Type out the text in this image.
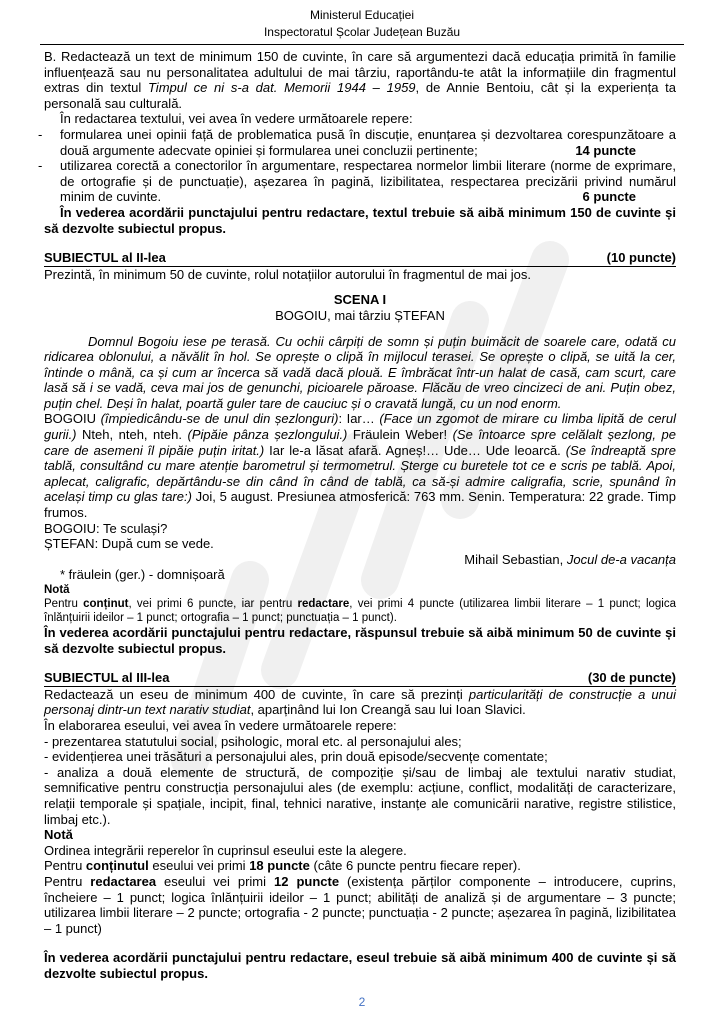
Ministerul Educației
Inspectoratul Școlar Județean Buzău

B. Redactează un text de minimum 150 de cuvinte, în care să argumentezi dacă educația primită în familie influențează sau nu personalitatea adultului de mai târziu, raportându-te atât la informațiile din fragmentul extras din textul Timpul ce ni s-a dat. Memorii 1944 – 1959, de Annie Bentoiu, cât și la experiența ta personală sau culturală.

În redactarea textului, vei avea în vedere următoarele repere:

- formularea unei opinii față de problematica pusă în discuție, enunțarea și dezvoltarea corespunzătoare a două argumente adecvate opiniei și formularea unei concluzii pertinente;	14 puncte
- utilizarea corectă a conectorilor în argumentare, respectarea normelor limbii literare (norme de exprimare, de ortografie și de punctuație), așezarea în pagină, lizibilitatea, respectarea precizării privind numărul minim de cuvinte.	6 puncte

În vederea acordării punctajului pentru redactare, textul trebuie să aibă minimum 150 de cuvinte și să dezvolte subiectul propus.

SUBIECTUL al II-lea	(10 puncte)

Prezintă, în minimum 50 de cuvinte, rolul notațiilor autorului în fragmentul de mai jos.

SCENA I

BOGOIU, mai târziu ȘTEFAN

Domnul Bogoiu iese pe terasă. Cu ochii cârpiți de somn și puțin buimăcit de soarele care, odată cu ridicarea oblonului, a năvălit în hol. Se oprește o clipă în mijlocul terasei. Se oprește o clipă, se uită la cer, întinde o mână, ca și cum ar încerca să vadă dacă plouă. E îmbrăcat într-un halat de casă, cam scurt, care lasă să i se vadă, ceva mai jos de genunchi, picioarele păroase. Flăcău de vreo cincizeci de ani. Puțin obez, puțin chel. Deși în halat, poartă guler tare de cauciuc și o cravată lungă, cu un nod enorm.

BOGOIU (împiedicându-se de unul din șezlonguri): Iar… (Face un zgomot de mirare cu limba lipită de cerul gurii.) Nteh, nteh, nteh. (Pipăie pânza șezlongului.) Fräulein Weber! (Se întoarce spre celălalt șezlong, pe care de asemeni îl pipăie puțin iritat.) Iar le-a lăsat afară. Agneș!… Ude… Ude leoarcă. (Se îndreaptă spre tablă, consultând cu mare atenție barometrul și termometrul. Șterge cu buretele tot ce e scris pe tablă. Apoi, aplecat, caligrafic, depărtându-se din când în când de tablă, ca să-și admire caligrafia, scrie, spunând în același timp cu glas tare:) Joi, 5 august. Presiunea atmosferică: 763 mm. Senin. Temperatura: 22 grade. Timp frumos.

BOGOIU: Te sculași?

ȘTEFAN: După cum se vede.

Mihail Sebastian, Jocul de-a vacanța

* fräulein (ger.) - domnișoară

Notă

Pentru conținut, vei primi 6 puncte, iar pentru redactare, vei primi 4 puncte (utilizarea limbii literare – 1 punct; logica înlănțuirii ideilor – 1 punct; ortografia – 1 punct; punctuația – 1 punct).

În vederea acordării punctajului pentru redactare, răspunsul trebuie să aibă minimum 50 de cuvinte și să dezvolte subiectul propus.

SUBIECTUL al III-lea	(30 de puncte)

Redactează un eseu de minimum 400 de cuvinte, în care să prezinți particularități de construcție a unui personaj dintr-un text narativ studiat, aparținând lui Ion Creangă sau lui Ioan Slavici.

În elaborarea eseului, vei avea în vedere următoarele repere:

- prezentarea statutului social, psihologic, moral etc. al personajului ales;

- evidențierea unei trăsături a personajului ales, prin două episode/secvențe comentate;

- analiza a două elemente de structură, de compoziție și/sau de limbaj ale textului narativ studiat, semnificative pentru construcția personajului ales (de exemplu: acțiune, conflict, modalități de caracterizare, relații temporale și spațiale, incipit, final, tehnici narative, instanțe ale comunicării narative, registre stilistice, limbaj etc.).

Notă

Ordinea integrării reperelor în cuprinsul eseului este la alegere.

Pentru conținutul eseului vei primi 18 puncte (câte 6 puncte pentru fiecare reper).

Pentru redactarea eseului vei primi 12 puncte (existența părților componente – introducere, cuprins, încheiere – 1 punct; logica înlănțuirii ideilor – 1 punct; abilități de analiză și de argumentare – 3 puncte; utilizarea limbii literare – 2 puncte; ortografia - 2 puncte; punctuația - 2 puncte; așezarea în pagină, lizibilitatea – 1 punct)

În vederea acordării punctajului pentru redactare, eseul trebuie să aibă minimum 400 de cuvinte și să dezvolte subiectul propus.

2
